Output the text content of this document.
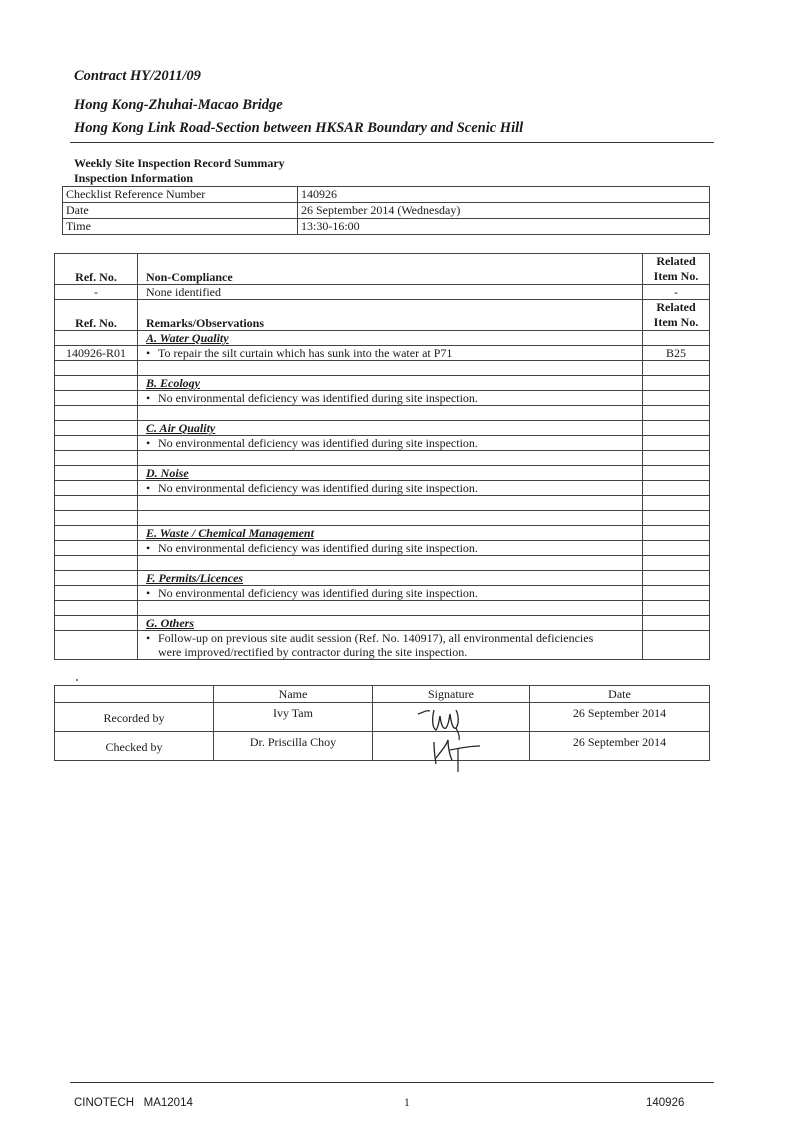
Contract HY/2011/09
Hong Kong-Zhuhai-Macao Bridge
Hong Kong Link Road-Section between HKSAR Boundary and Scenic Hill
Weekly Site Inspection Record Summary
Inspection Information
Checklist Reference Number	140926
Date	26 September 2014 (Wednesday)
Time	13:30-16:00
Ref. No.	Non-Compliance	Related
Item No.

-	None identified	-
Ref. No.	Remarks/Observations	Related
Item No.

	A. Water Quality	
140926-R01	• To repair the silt curtain which has sunk into the water at P71	B25

	B. Ecology	
	• No environmental deficiency was identified during site inspection.	

	C. Air Quality	
	• No environmental deficiency was identified during site inspection.	

	D. Noise	
	• No environmental deficiency was identified during site inspection.	

	E. Waste / Chemical Management	
	• No environmental deficiency was identified during site inspection.	

	F. Permits/Licences	
	• No environmental deficiency was identified during site inspection.	

	G. Others	

	• Follow-up on previous site audit session (Ref. No. 140917), all environmental deficiencies
were improved/rectified by contractor during the site inspection.	

	Name	Signature	Date
Recorded by	Ivy Tam		26 September 2014
Checked by	Dr. Priscilla Choy		26 September 2014
CINOTECH   MA12014	1	140926
